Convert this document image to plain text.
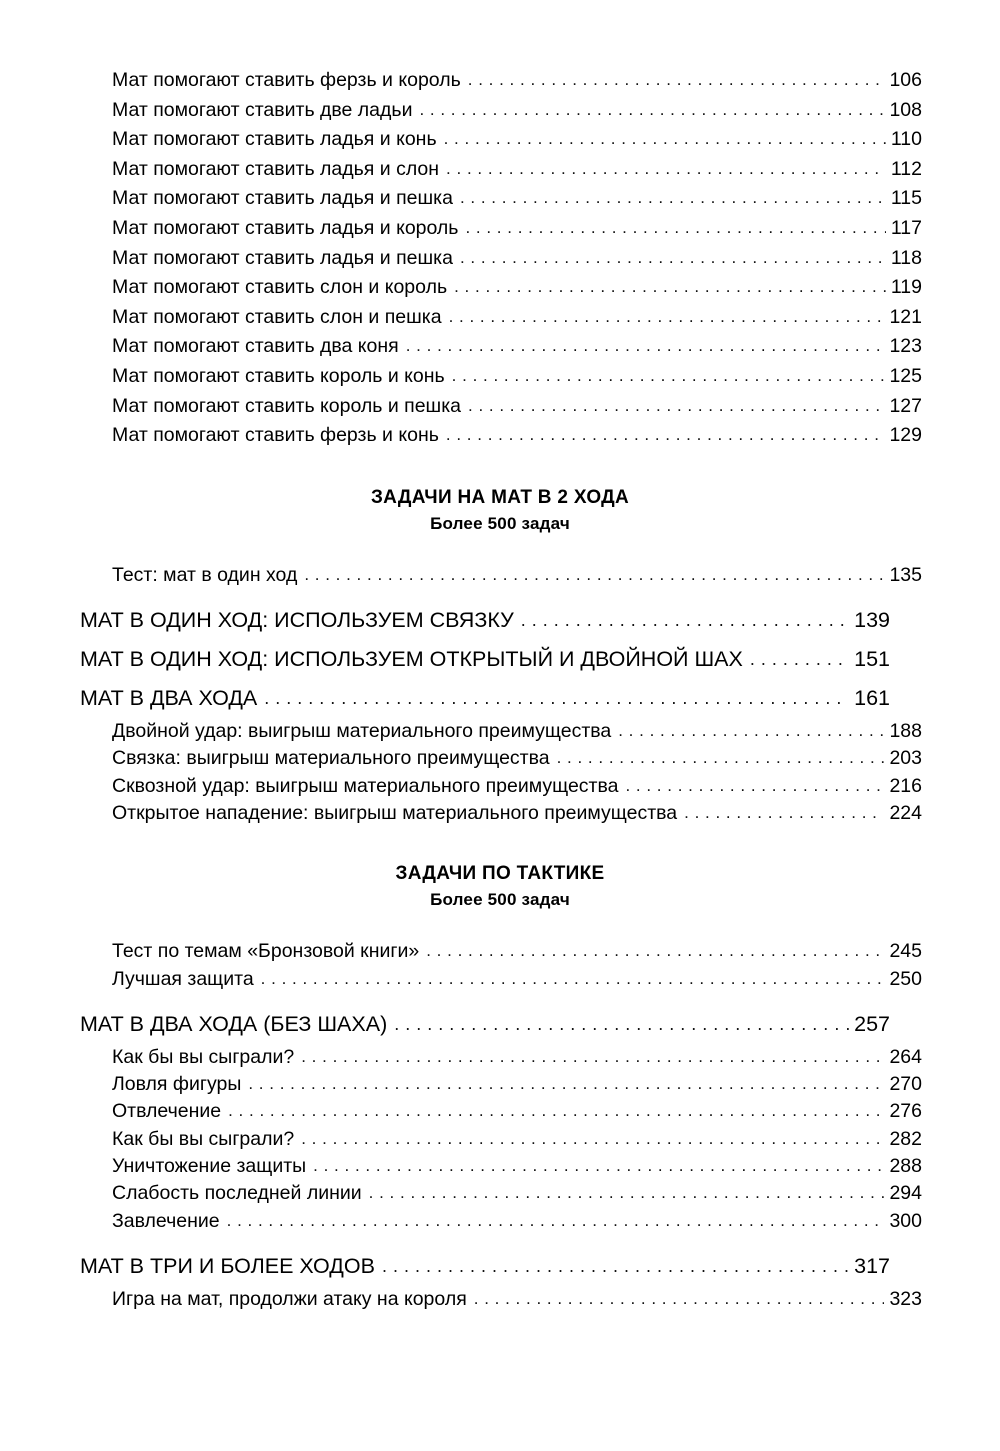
Мат помогают ставить ферзь и король . . .	106
Мат помогают ставить две ладьи . . .	108
Мат помогают ставить ладья и конь . . .	110
Мат помогают ставить ладья и слон . . .	112
Мат помогают ставить ладья и пешка . . .	115
Мат помогают ставить ладья и король . . .	117
Мат помогают ставить ладья и пешка . . .	118
Мат помогают ставить слон и король . . .	119
Мат помогают ставить слон и пешка . . .	121
Мат помогают ставить два коня . . .	123
Мат помогают ставить король и конь . . .	125
Мат помогают ставить король и пешка . . .	127
Мат помогают ставить ферзь и конь . . .	129
ЗАДАЧИ НА МАТ В 2 ХОДА
Более 500 задач
Тест: мат в один ход . . .	135
МАТ В ОДИН ХОД: ИСПОЛЬЗУЕМ СВЯЗКУ . . .	139
МАТ В ОДИН ХОД: ИСПОЛЬЗУЕМ ОТКРЫТЫЙ И ДВОЙНОЙ ШАХ . . .	151
МАТ В ДВА ХОДА . . .	161
Двойной удар: выигрыш материального преимущества . . .	188
Связка: выигрыш материального преимущества . . .	203
Сквозной удар: выигрыш материального преимущества . . .	216
Открытое нападение: выигрыш материального преимущества . . .	224
ЗАДАЧИ ПО ТАКТИКЕ
Более 500 задач
Тест по темам «Бронзовой книги» . . .	245
Лучшая защита . . .	250
МАТ В ДВА ХОДА (БЕЗ ШАХА) . . .	257
Как бы вы сыграли? . . .	264
Ловля фигуры . . .	270
Отвлечение . . .	276
Как бы вы сыграли? . . .	282
Уничтожение защиты . . .	288
Слабость последней линии . . .	294
Завлечение . . .	300
МАТ В ТРИ И БОЛЕЕ ХОДОВ . . .	317
Игра на мат, продолжи атаку на короля . . .	323
